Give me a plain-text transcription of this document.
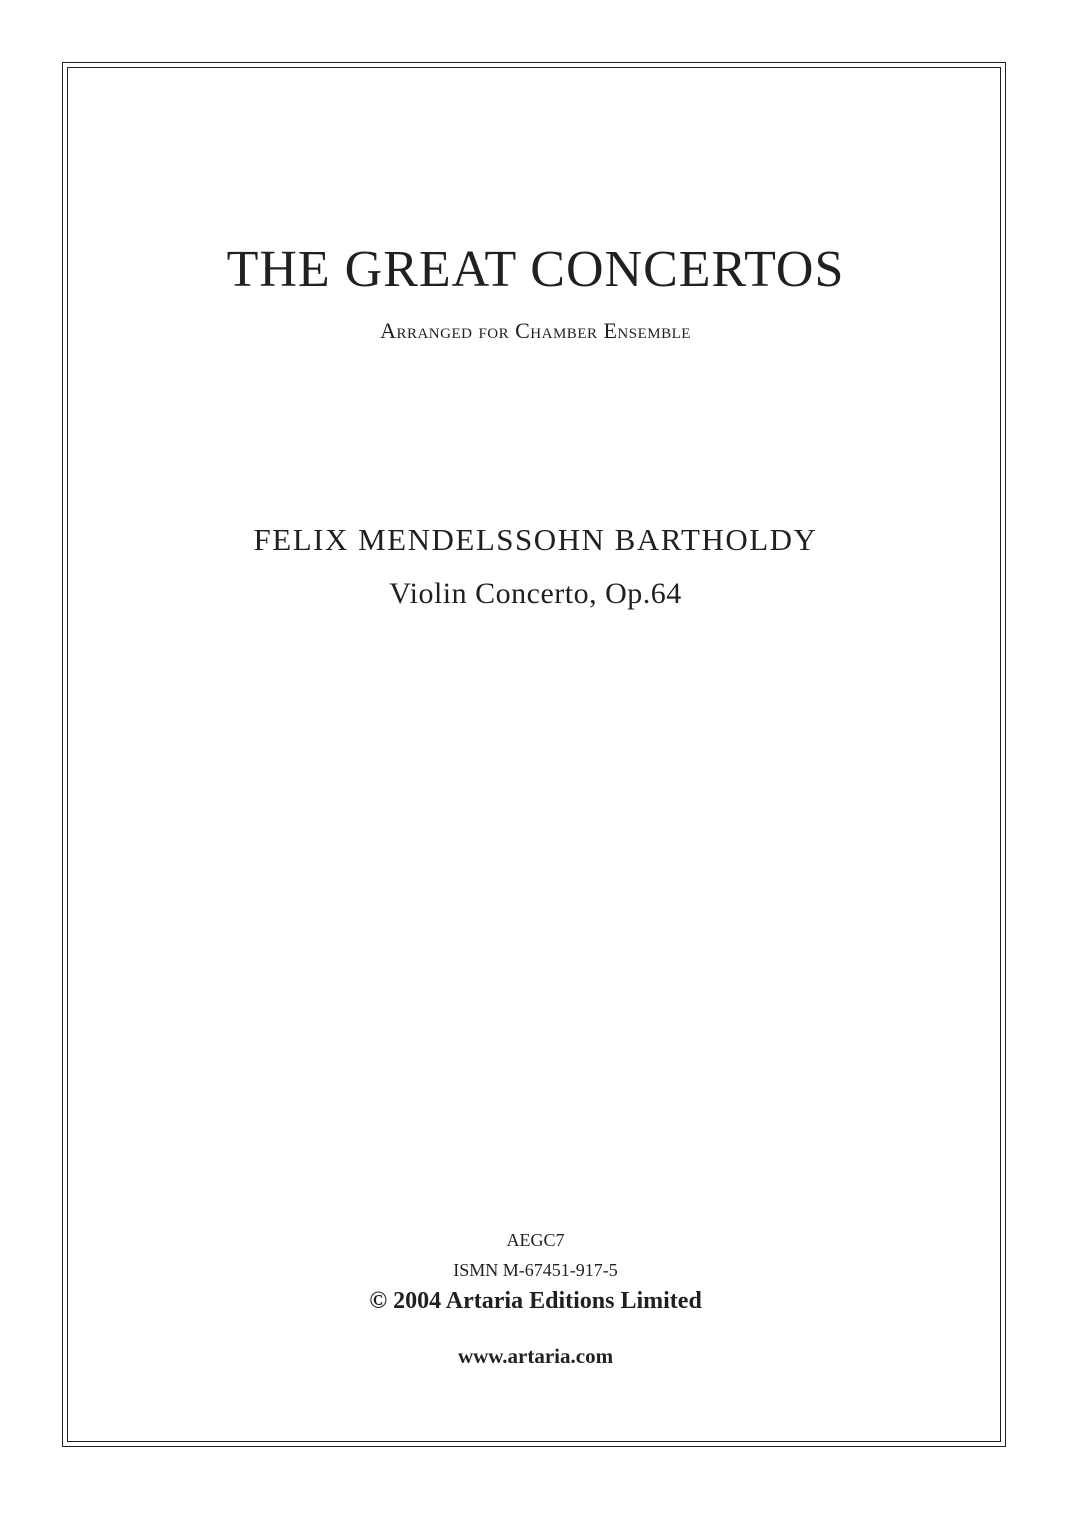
THE GREAT CONCERTOS
Arranged for Chamber Ensemble
FELIX MENDELSSOHN BARTHOLDY
Violin Concerto, Op.64
AEGC7
ISMN M-67451-917-5
© 2004 Artaria Editions Limited
www.artaria.com
